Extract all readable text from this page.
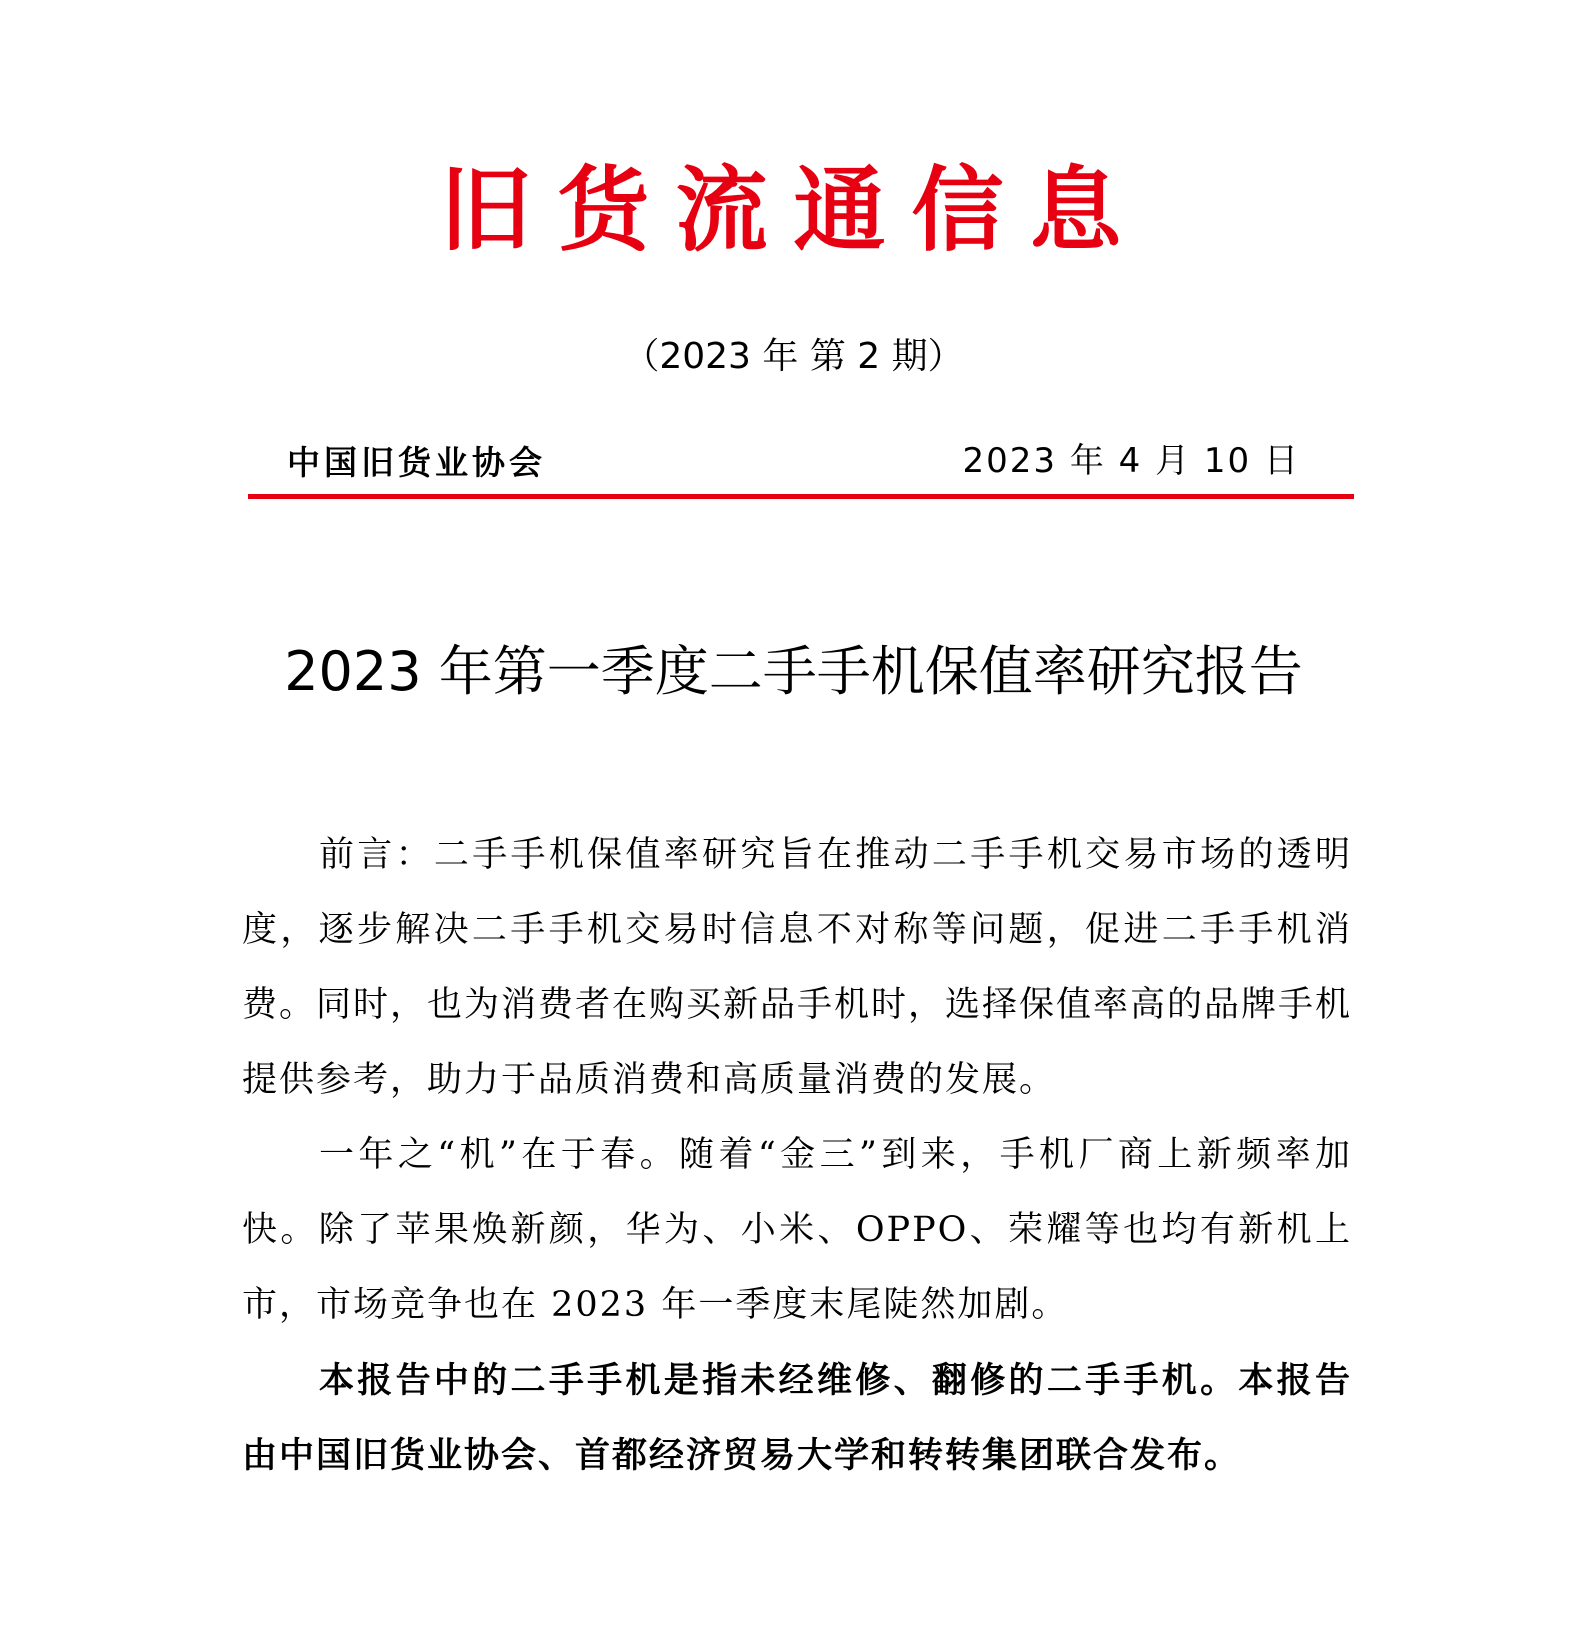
旧货流通信息
（2023 年 第 2 期）
中国旧货业协会	2023 年 4 月 10 日
2023 年第一季度二手手机保值率研究报告

前言：二手手机保值率研究旨在推动二手手机交易市场的透明度，逐步解决二手手机交易时信息不对称等问题，促进二手手机消费。同时，也为消费者在购买新品手机时，选择保值率高的品牌手机提供参考，助力于品质消费和高质量消费的发展。

一年之“机”在于春。随着“金三”到来，手机厂商上新频率加快。除了苹果焕新颜，华为、小米、OPPO、荣耀等也均有新机上市，市场竞争也在 2023 年一季度末尾陡然加剧。

本报告中的二手手机是指未经维修、翻修的二手手机。本报告由中国旧货业协会、首都经济贸易大学和转转集团联合发布。
